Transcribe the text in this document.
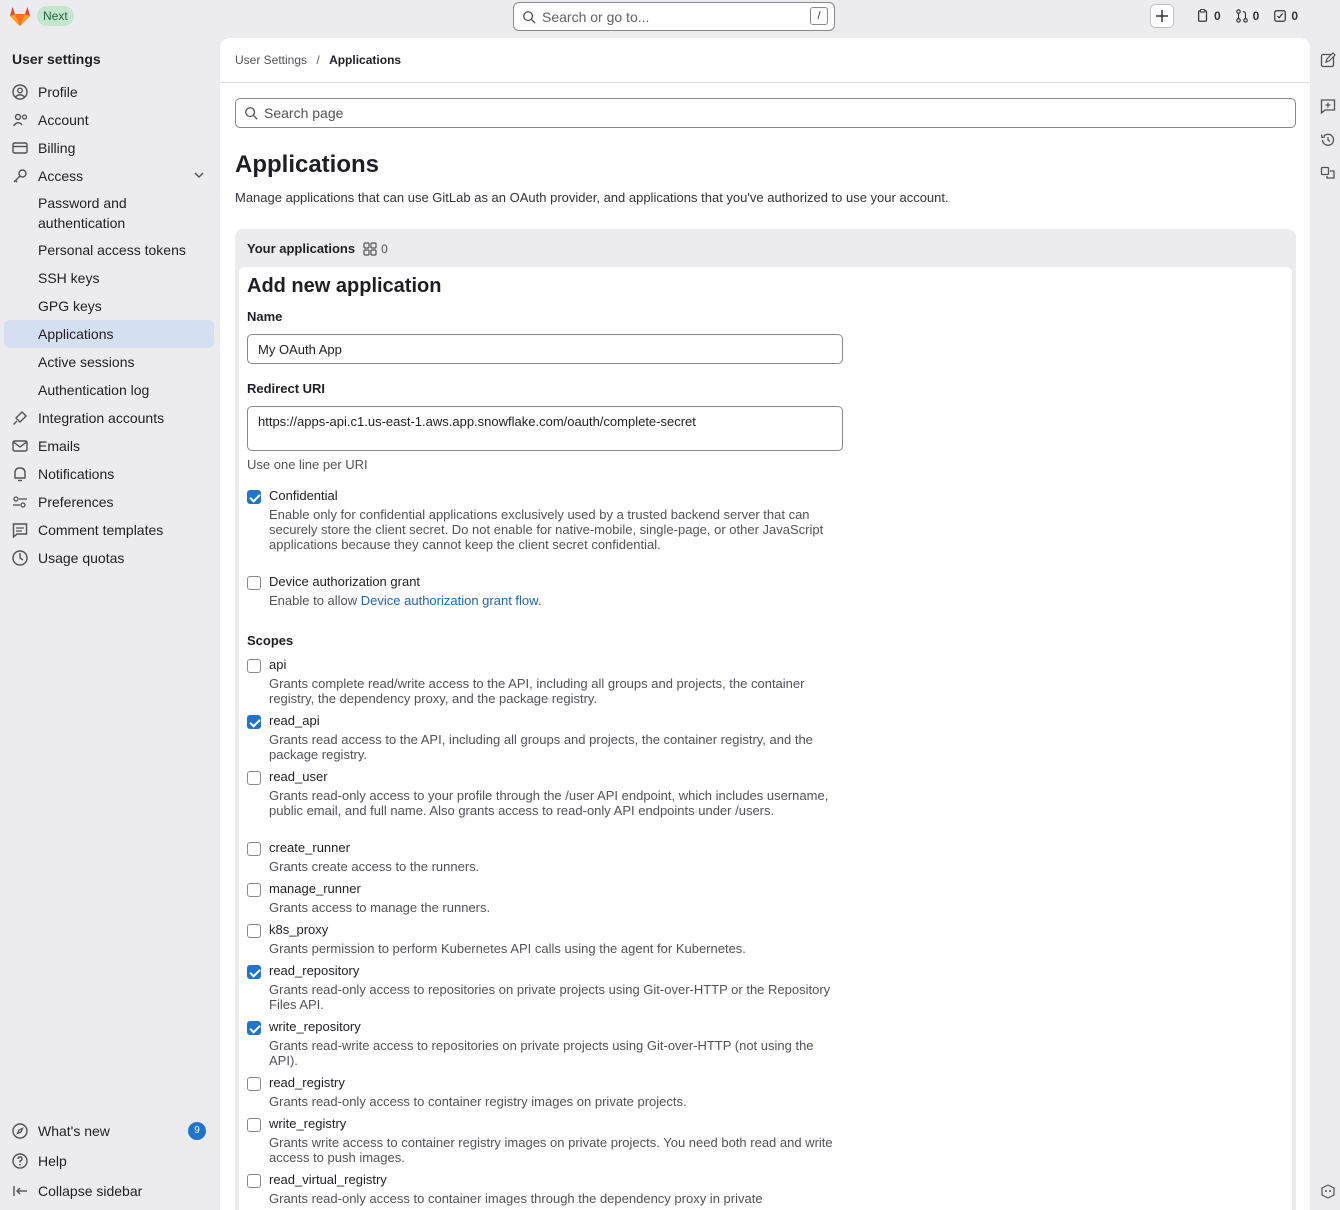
Next	Search or go to...	/	0	0	0
User settings
Profile
Account
Billing
Access
Password and authentication
Personal access tokens
SSH keys
GPG keys
Applications
Active sessions
Authentication log
Integration accounts
Emails
Notifications
Preferences
Comment templates
Usage quotas
What's new	9
Help
Collapse sidebar
User Settings / Applications
Search page
Applications
Manage applications that can use GitLab as an OAuth provider, and applications that you've authorized to use your account.
Your applications 0
Add new application
Name
My OAuth App
Redirect URI
https://apps-api.c1.us-east-1.aws.app.snowflake.com/oauth/complete-secret
Use one line per URI
Confidential
Enable only for confidential applications exclusively used by a trusted backend server that can securely store the client secret. Do not enable for native-mobile, single-page, or other JavaScript applications because they cannot keep the client secret confidential.
Device authorization grant
Enable to allow Device authorization grant flow.
Scopes
api
Grants complete read/write access to the API, including all groups and projects, the container registry, the dependency proxy, and the package registry.
read_api
Grants read access to the API, including all groups and projects, the container registry, and the package registry.
read_user
Grants read-only access to your profile through the /user API endpoint, which includes username, public email, and full name. Also grants access to read-only API endpoints under /users.
create_runner
Grants create access to the runners.
manage_runner
Grants access to manage the runners.
k8s_proxy
Grants permission to perform Kubernetes API calls using the agent for Kubernetes.
read_repository
Grants read-only access to repositories on private projects using Git-over-HTTP or the Repository Files API.
write_repository
Grants read-write access to repositories on private projects using Git-over-HTTP (not using the API).
read_registry
Grants read-only access to container registry images on private projects.
write_registry
Grants write access to container registry images on private projects. You need both read and write access to push images.
read_virtual_registry
Grants read-only access to container images through the dependency proxy in private
